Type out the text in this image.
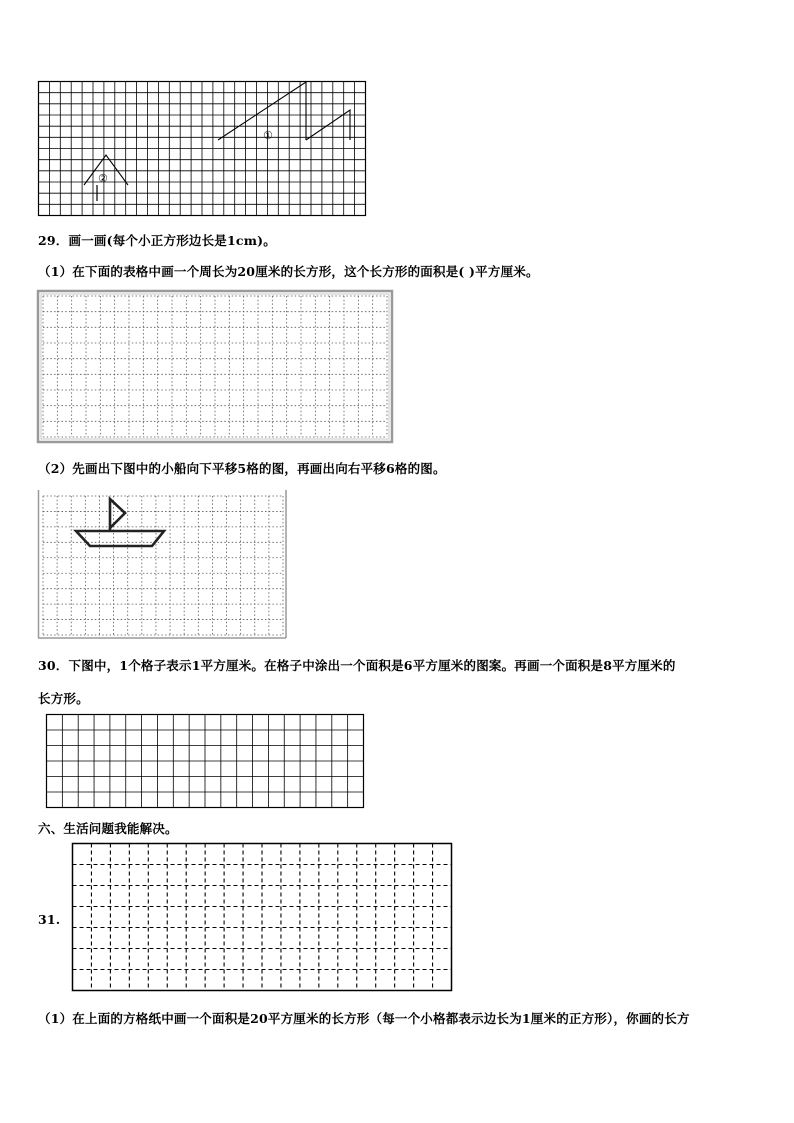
①
②
29．画一画(每个小正方形边长是1cm)。
（1）在下面的表格中画一个周长为20厘米的长方形，这个长方形的面积是( )平方厘米。
（2）先画出下图中的小船向下平移5格的图，再画出向右平移6格的图。
30．下图中，1个格子表示1平方厘米。在格子中涂出一个面积是6平方厘米的图案。再画一个面积是8平方厘米的
长方形。
六、生活问题我能解决。
31.
（1）在上面的方格纸中画一个面积是20平方厘米的长方形（每一个小格都表示边长为1厘米的正方形），你画的长方
